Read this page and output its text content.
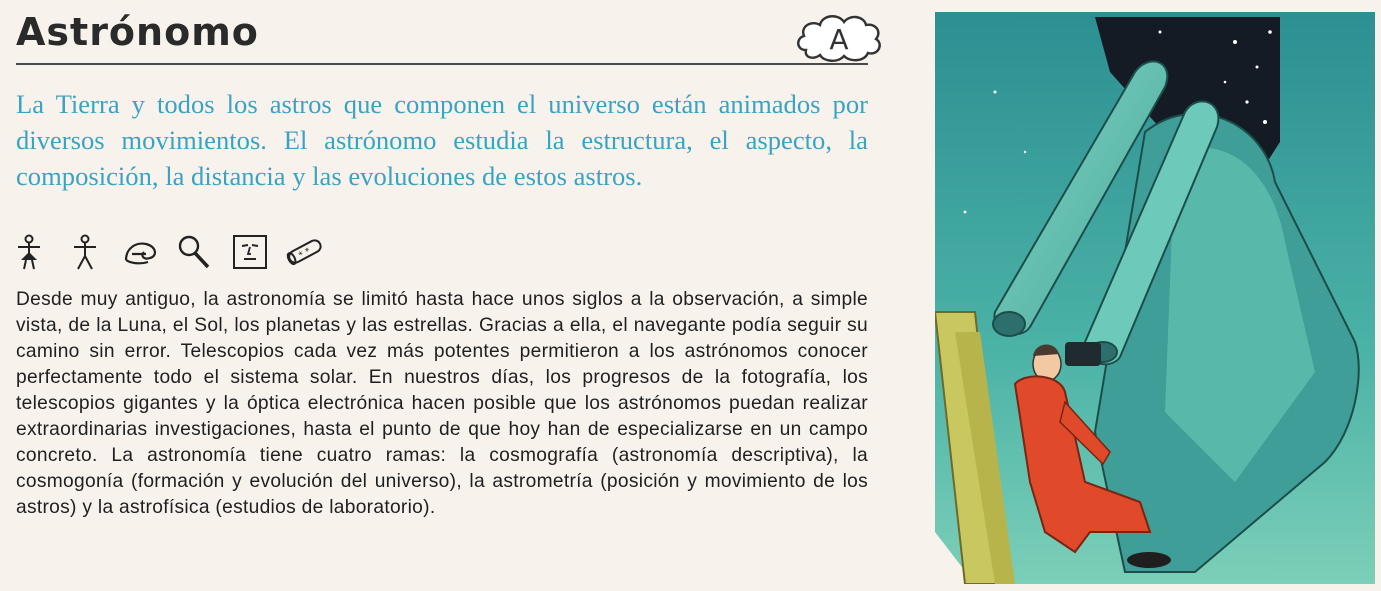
Astrónomo	A
La Tierra y todos los astros que componen el universo están animados por diversos movimientos. El astrónomo estudia la estructura, el aspecto, la composición, la distancia y las evoluciones de estos astros.
* *
Desde muy antiguo, la astronomía se limitó hasta hace unos siglos a la observación, a simple vista, de la Luna, el Sol, los planetas y las estrellas. Gracias a ella, el navegante podía seguir su camino sin error. Telescopios cada vez más potentes permitieron a los astrónomos conocer perfectamente todo el sistema solar. En nuestros días, los progresos de la fotografía, los telescopios gigantes y la óptica electrónica hacen posible que los astrónomos puedan realizar extraordinarias investigaciones, hasta el punto de que hoy han de especializarse en un campo concreto. La astronomía tiene cuatro ramas: la cosmografía (astronomía descriptiva), la cosmogonía (formación y evolución del universo), la astrometría (posición y movimiento de los astros) y la astrofísica (estudios de laboratorio).
